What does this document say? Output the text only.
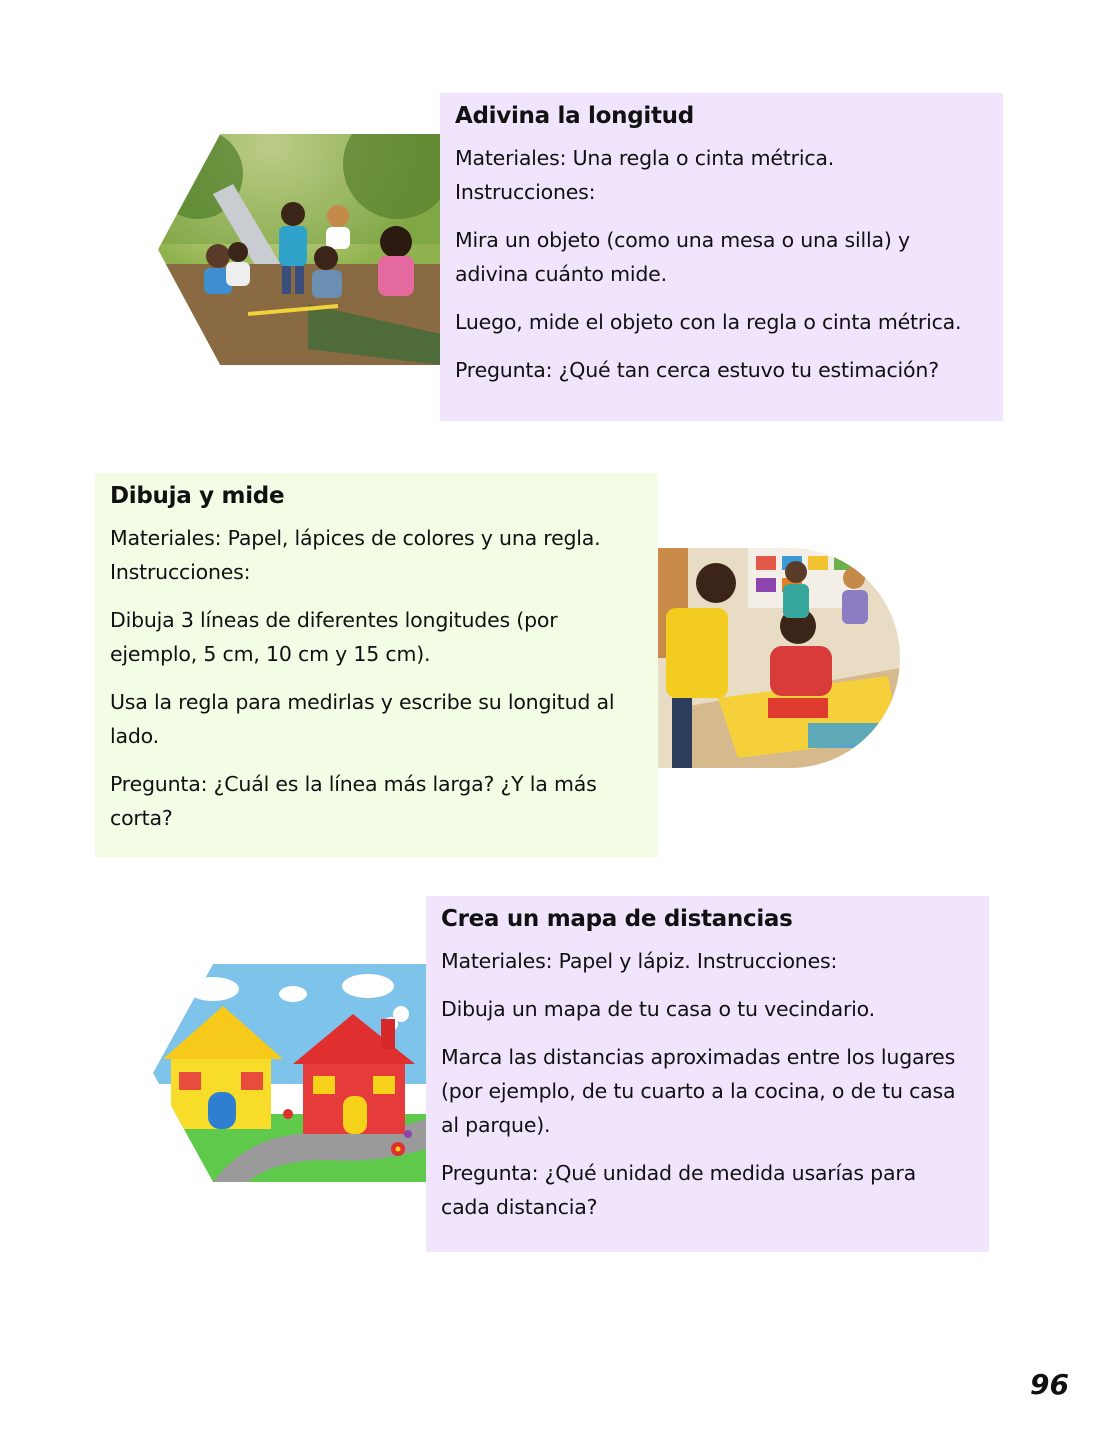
Adivina la longitud

Materiales: Una regla o cinta métrica.
Instrucciones:

Mira un objeto (como una mesa o una silla) y adivina cuánto mide.

Luego, mide el objeto con la regla o cinta métrica.

Pregunta: ¿Qué tan cerca estuvo tu estimación?

Dibuja y mide

Materiales: Papel, lápices de colores y una regla.
Instrucciones:

Dibuja 3 líneas de diferentes longitudes (por ejemplo, 5 cm, 10 cm y 15 cm).

Usa la regla para medirlas y escribe su longitud al lado.

Pregunta: ¿Cuál es la línea más larga? ¿Y la más corta?

Crea un mapa de distancias

Materiales: Papel y lápiz. Instrucciones:

Dibuja un mapa de tu casa o tu vecindario.

Marca las distancias aproximadas entre los lugares (por ejemplo, de tu cuarto a la cocina, o de tu casa al parque).

Pregunta: ¿Qué unidad de medida usarías para cada distancia?

96
